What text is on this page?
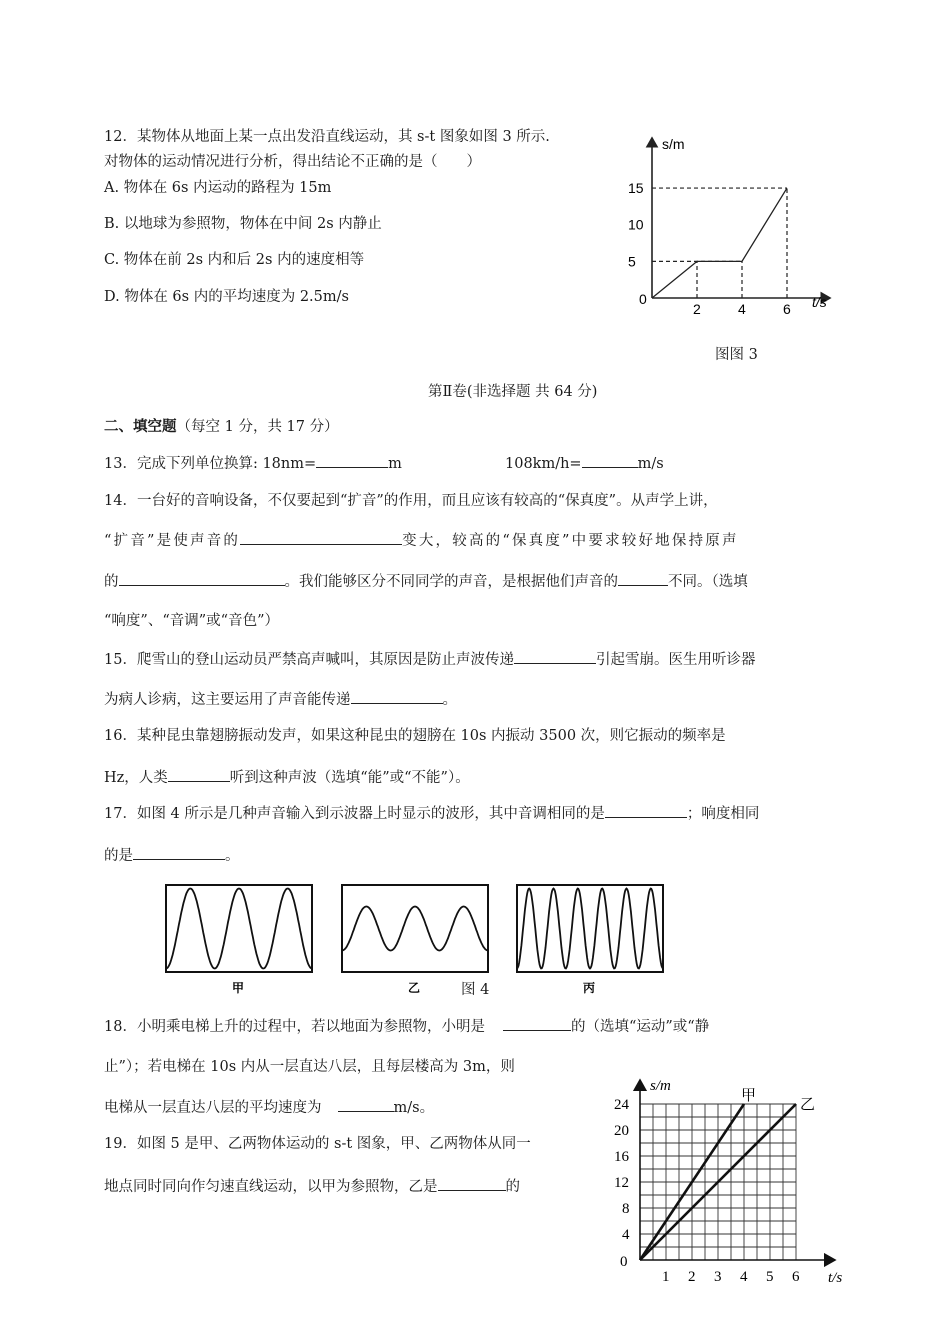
12．某物体从地面上某一点出发沿直线运动，其 s-t 图象如图 3 所示.
对物体的运动情况进行分析，得出结论不正确的是（　　）
A. 物体在 6s 内运动的路程为 15m
B. 以地球为参照物，物体在中间 2s 内静止
C. 物体在前 2s 内和后 2s 内的速度相等
D. 物体在 6s 内的平均速度为 2.5m/s
2	4	6
5
10
15
s/m
t/s
0
图图 3
第Ⅱ卷(非选择题 共 64 分)
二、填空题（每空 1 分，共 17 分）
13．完成下列单位换算: 18nm=	m	108km/h=	m/s
14．一台好的音响设备，不仅要起到“扩音”的作用，而且应该有较高的“保真度”。从声学上讲，
“扩音”是使声音的	变大，较高的“保真度”中要求较好地保持原声
的	。我们能够区分不同同学的声音，是根据他们声音的	不同。（选填
“响度”、“音调”或“音色”）
15．爬雪山的登山运动员严禁高声喊叫，其原因是防止声波传递	引起雪崩。医生用听诊器
为病人诊病，这主要运用了声音能传递	。
16．某种昆虫靠翅膀振动发声，如果这种昆虫的翅膀在 10s 内振动 3500 次，则它振动的频率是
Hz，人类	听到这种声波（选填“能”或“不能”）。
17．如图 4 所示是几种声音输入到示波器上时显示的波形，其中音调相同的是	；响度相同
的是	。
甲	乙	丙
图 4
18．小明乘电梯上升的过程中，若以地面为参照物，小明是	的（选填“运动”或“静
止”）；若电梯在 10s 内从一层直达八层，且每层楼高为 3m，则
电梯从一层直达八层的平均速度为	m/s。
19．如图 5 是甲、乙两物体运动的 s-t 图象，甲、乙两物体从同一
地点同时同向作匀速直线运动，以甲为参照物，乙是	的
1 2 3 4 5 6
4
8
12
16
20
24
s/m
t/s
0
甲
乙
